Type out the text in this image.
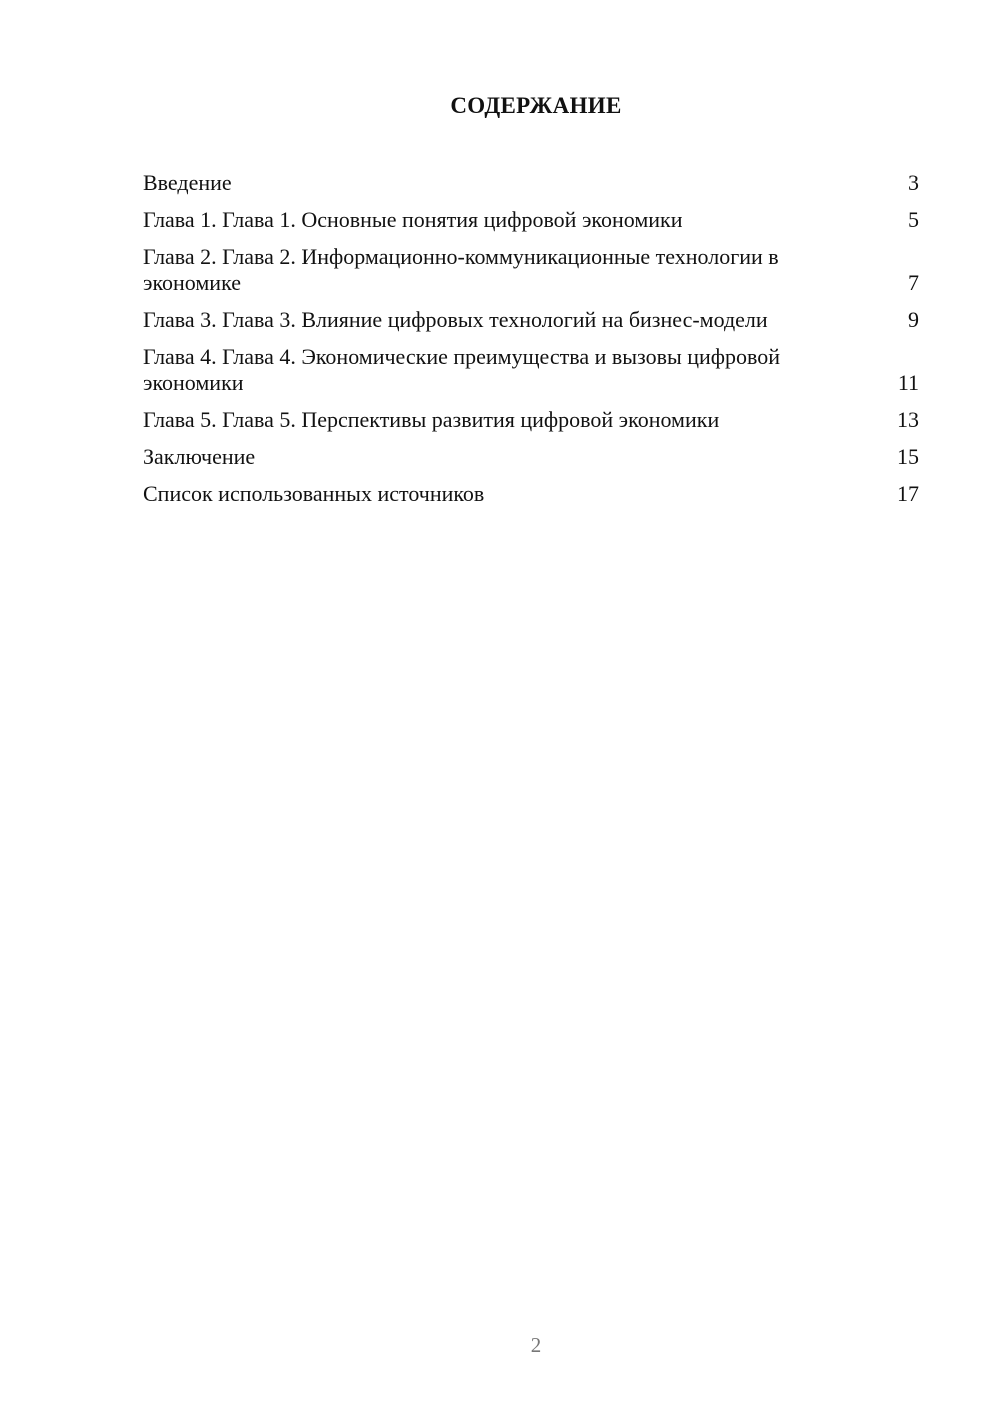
СОДЕРЖАНИЕ
Введение	3
Глава 1. Глава 1. Основные понятия цифровой экономики	5
Глава 2. Глава 2. Информационно-коммуникационные технологии в экономике	7
Глава 3. Глава 3. Влияние цифровых технологий на бизнес-модели	9
Глава 4. Глава 4. Экономические преимущества и вызовы цифровой экономики	11
Глава 5. Глава 5. Перспективы развития цифровой экономики	13
Заключение	15
Список использованных источников	17
2
